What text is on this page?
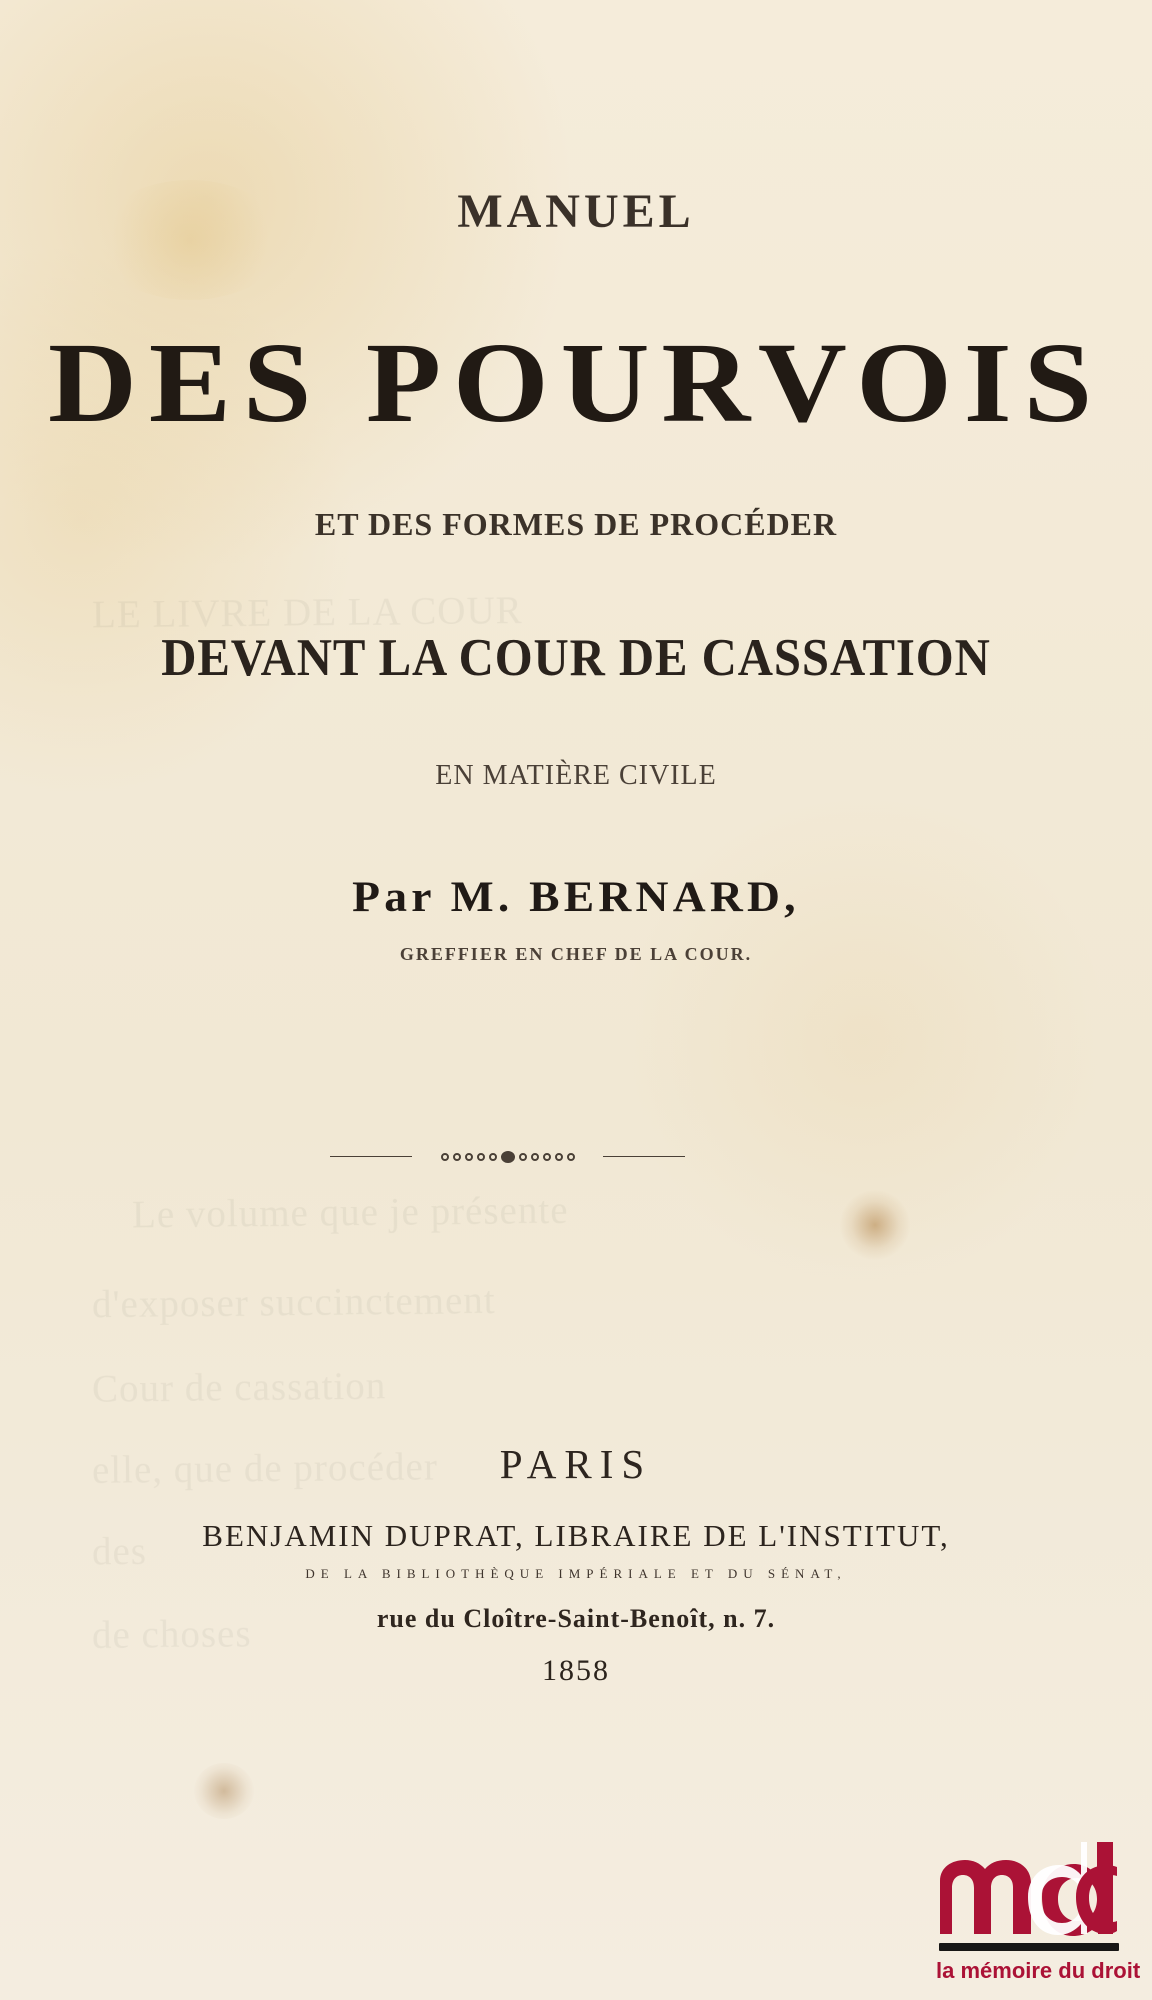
LE LIVRE DE LA COUR
Le volume que je présente
d'exposer succinctement
Cour de cassation
elle, que de procéder
des
de choses
MANUEL
DES POURVOIS
ET DES FORMES DE PROCÉDER
DEVANT LA COUR DE CASSATION
EN MATIÈRE CIVILE
Par M. BERNARD,
GREFFIER EN CHEF DE LA COUR.
PARIS
BENJAMIN DUPRAT, LIBRAIRE DE L'INSTITUT,
DE LA BIBLIOTHÈQUE IMPÉRIALE ET DU SÉNAT,
rue du Cloître-Saint-Benoît, n. 7.
1858
la mémoire du droit
